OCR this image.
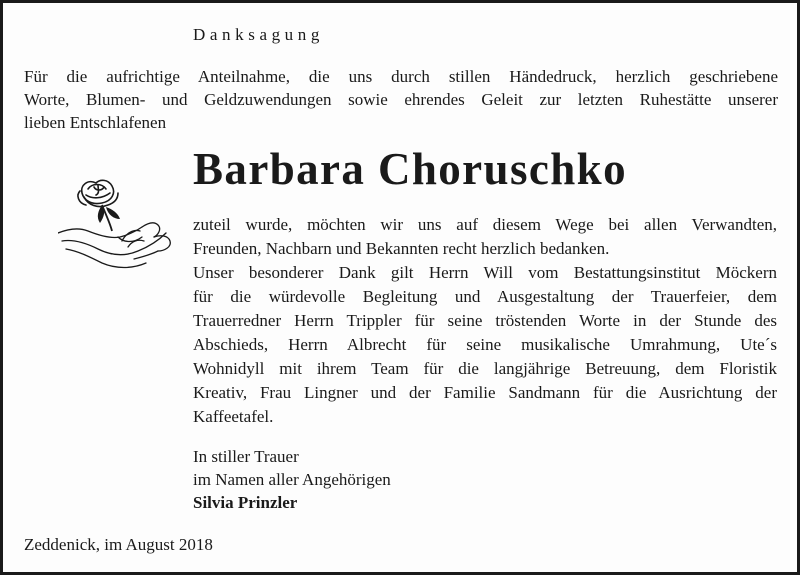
Danksagung
Für die aufrichtige Anteilnahme, die uns durch stillen Händedruck, herzlich geschriebene
Worte, Blumen- und Geldzuwendungen sowie ehrendes Geleit zur letzten Ruhestätte unserer
lieben Entschlafenen
Barbara Choruschko
zuteil wurde, möchten wir uns auf diesem Wege bei allen Verwandten,
Freunden, Nachbarn und Bekannten recht herzlich bedanken.
Unser besonderer Dank gilt Herrn Will vom Bestattungsinstitut Möckern
für die würdevolle Begleitung und Ausgestaltung der Trauerfeier, dem
Trauerredner Herrn Trippler für seine tröstenden Worte in der Stunde des
Abschieds, Herrn Albrecht für seine musikalische Umrahmung, Ute´s
Wohnidyll mit ihrem Team für die langjährige Betreuung, dem Floristik
Kreativ, Frau Lingner und der Familie Sandmann für die Ausrichtung der
Kaffeetafel.
In stiller Trauer
im Namen aller Angehörigen
Silvia Prinzler
Zeddenick, im August 2018
